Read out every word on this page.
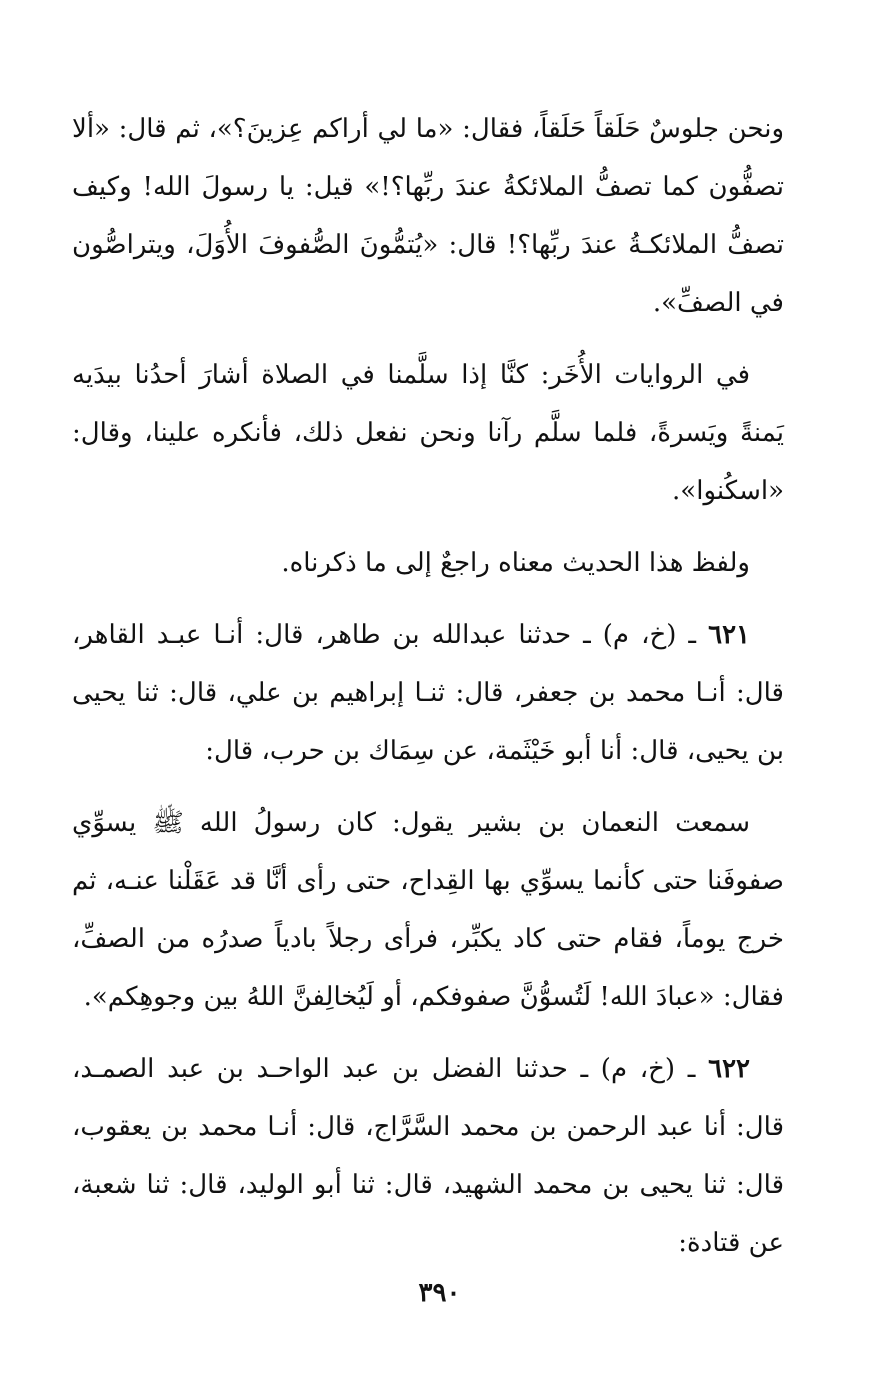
ونحن جلوسٌ حَلَقاً حَلَقاً، فقال: «ما لي أراكم عِزينَ؟»، ثم قال: «ألا تصفُّون كما تصفُّ الملائكةُ عندَ ربِّها؟!» قيل: يا رسولَ الله! وكيف تصفُّ الملائكـةُ عندَ ربِّها؟! قال: «يُتمُّونَ الصُّفوفَ الأُوَلَ، ويتراصُّون في الصفِّ».

في الروايات الأُخَر: كنَّا إذا سلَّمنا في الصلاة أشارَ أحدُنا بيدَيه يَمنةً ويَسرةً، فلما سلَّم رآنا ونحن نفعل ذلك، فأنكره علينا، وقال: «اسكُنوا».

ولفظ هذا الحديث معناه راجعٌ إلى ما ذكرناه.

٦٢١ ـ (خ، م) ـ حدثنا عبدالله بن طاهر، قال: أنـا عبـد القاهر، قال: أنـا محمد بن جعفر، قال: ثنـا إبراهيم بن علي، قال: ثنا يحيى بن يحيى، قال: أنا أبو خَيْثَمة، عن سِمَاك بن حرب، قال:

سمعت النعمان بن بشير يقول: كان رسولُ الله ﷺ يسوِّي صفوفَنا حتى كأنما يسوِّي بها القِداح، حتى رأى أنَّا قد عَقَلْنا عنـه، ثم خرج يوماً، فقام حتى كاد يكبِّر، فرأى رجلاً بادياً صدرُه من الصفِّ، فقال: «عبادَ الله! لَتُسوُّنَّ صفوفكم، أو لَيُخالِفنَّ اللهُ بين وجوهِكم».

٦٢٢ ـ (خ، م) ـ حدثنا الفضل بن عبد الواحـد بن عبد الصمـد، قال: أنا عبد الرحمن بن محمد السَّرَّاج، قال: أنـا محمد بن يعقوب، قال: ثنا يحيى بن محمد الشهيد، قال: ثنا أبو الوليد، قال: ثنا شعبة، عن قتادة:

٣٩٠
